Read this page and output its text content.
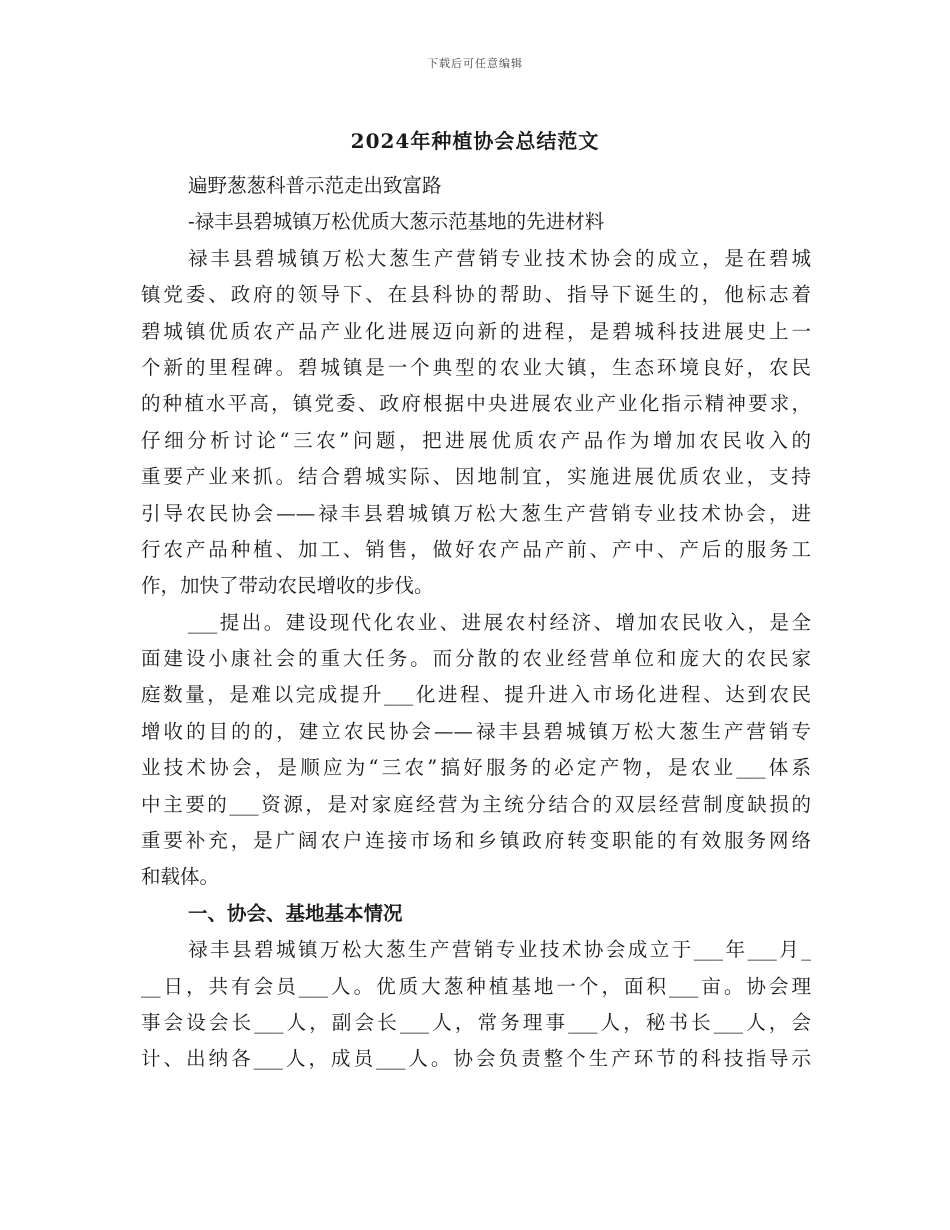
下载后可任意编辑
2024年种植协会总结范文
遍野葱葱科普示范走出致富路
-禄丰县碧城镇万松优质大葱示范基地的先进材料
禄丰县碧城镇万松大葱生产营销专业技术协会的成立，是在碧城
镇党委、政府的领导下、在县科协的帮助、指导下诞生的，他标志着
碧城镇优质农产品产业化进展迈向新的进程，是碧城科技进展史上一
个新的里程碑。碧城镇是一个典型的农业大镇，生态环境良好，农民
的种植水平高，镇党委、政府根据中央进展农业产业化指示精神要求，
仔细分析讨论“三农”问题，把进展优质农产品作为增加农民收入的
重要产业来抓。结合碧城实际、因地制宜，实施进展优质农业，支持
引导农民协会——禄丰县碧城镇万松大葱生产营销专业技术协会，进
行农产品种植、加工、销售，做好农产品产前、产中、产后的服务工
作，加快了带动农民增收的步伐。
___提出。建设现代化农业、进展农村经济、增加农民收入，是全
面建设小康社会的重大任务。而分散的农业经营单位和庞大的农民家
庭数量，是难以完成提升___化进程、提升进入市场化进程、达到农民
增收的目的的，建立农民协会——禄丰县碧城镇万松大葱生产营销专
业技术协会，是顺应为“三农”搞好服务的必定产物，是农业___体系
中主要的___资源，是对家庭经营为主统分结合的双层经营制度缺损的
重要补充，是广阔农户连接市场和乡镇政府转变职能的有效服务网络
和载体。
一、协会、基地基本情况
禄丰县碧城镇万松大葱生产营销专业技术协会成立于___年___月_
__日，共有会员___人。优质大葱种植基地一个，面积___亩。协会理
事会设会长___人，副会长___人，常务理事___人，秘书长___人，会
计、出纳各___人，成员___人。协会负责整个生产环节的科技指导示
